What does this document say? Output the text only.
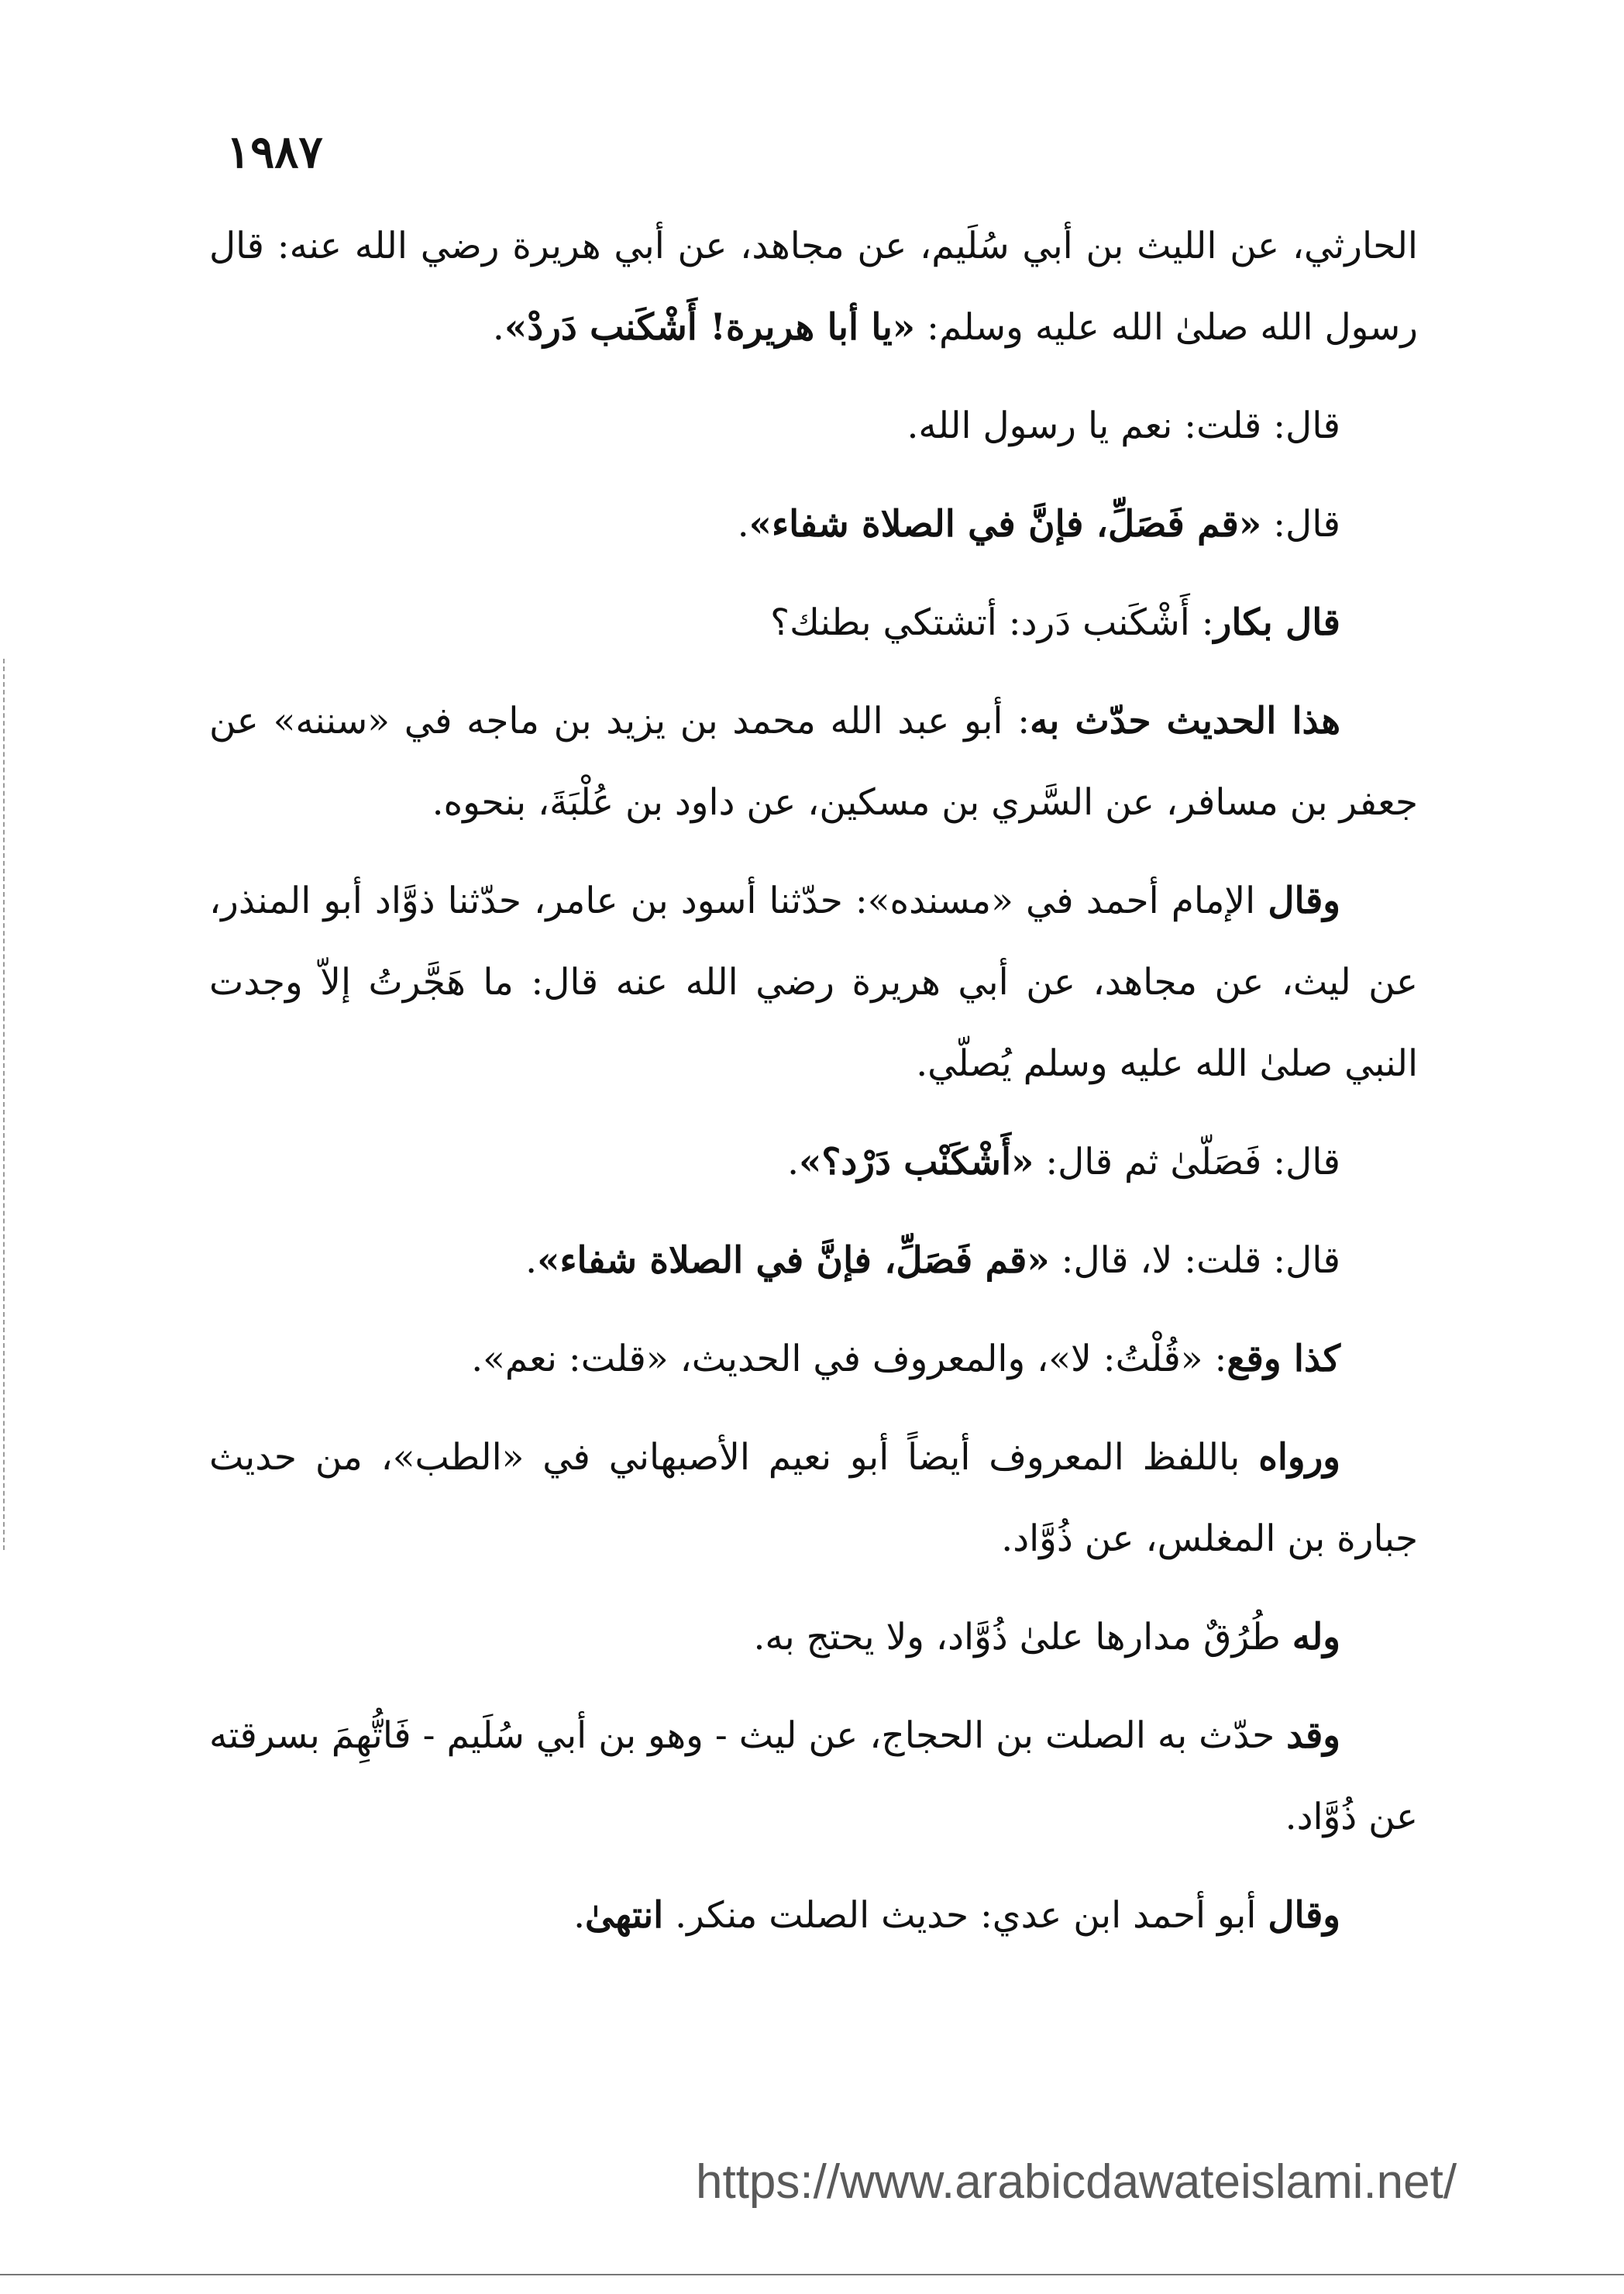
١٩٨٧

الحارثي، عن الليث بن أبي سُلَيم، عن مجاهد، عن أبي هريرة رضي الله عنه: قال رسول الله صلىٰ الله عليه وسلم: «يا أبا هريرة! أَشْكَنب دَردْ».

قال: قلت: نعم يا رسول الله.

قال: «قم فَصَلِّ، فإنَّ في الصلاة شفاء».

قال بكار: أَشْكَنب دَرد: أتشتكي بطنك؟

هذا الحديث حدّث به: أبو عبد الله محمد بن يزيد بن ماجه في «سننه» عن جعفر بن مسافر، عن السَّري بن مسكين، عن داود بن عُلْبَةَ، بنحوه.

وقال الإمام أحمد في «مسنده»: حدّثنا أسود بن عامر، حدّثنا ذوَّاد أبو المنذر، عن ليث، عن مجاهد، عن أبي هريرة رضي الله عنه قال: ما هَجَّرتُ إلاّ وجدت النبي صلىٰ الله عليه وسلم يُصلّي.

قال: فَصَلّىٰ ثم قال: «أَشْكَنْب دَرْد؟».

قال: قلت: لا، قال: «قم فَصَلِّ، فإنَّ في الصلاة شفاء».

كذا وقع: «قُلْتُ: لا»، والمعروف في الحديث، «قلت: نعم».

ورواه باللفظ المعروف أيضاً أبو نعيم الأصبهاني في «الطب»، من حديث جبارة بن المغلس، عن ذُوَّاد.

وله طُرُقٌ مدارها علىٰ ذُوَّاد، ولا يحتج به.

وقد حدّث به الصلت بن الحجاج، عن ليث - وهو بن أبي سُلَيم - فَاتُّهِمَ بسرقته عن ذُوَّاد.

وقال أبو أحمد ابن عدي: حديث الصلت منكر. انتهىٰ.

https://www.arabicdawateislami.net/
